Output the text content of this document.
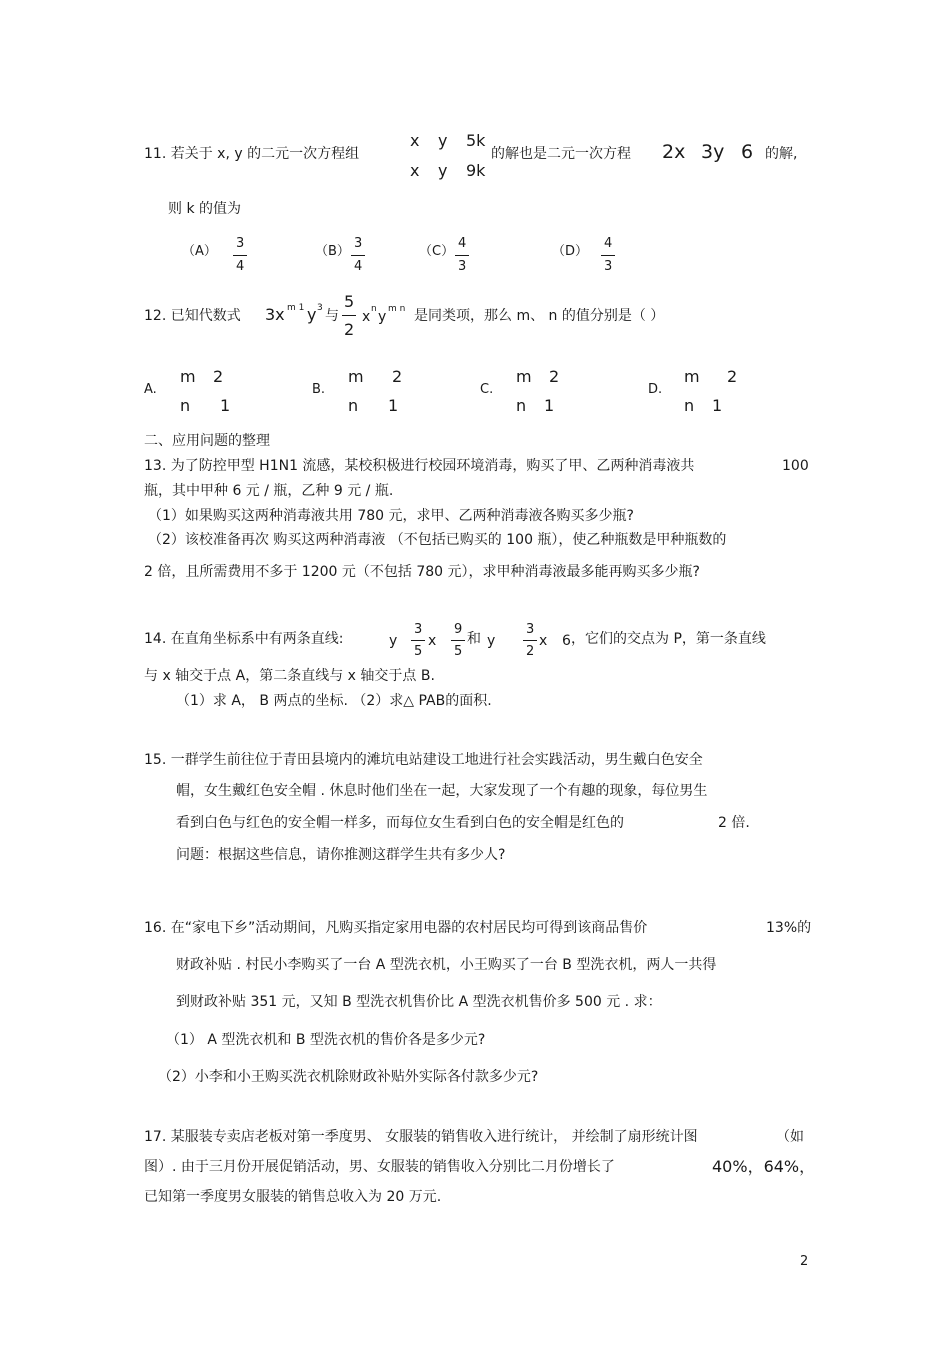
11. 若关于 x, y 的二元一次方程组
x y 5k
x y 9k
的解也是二元一次方程 2x 3y 6 的解,
则 k 的值为
（A）
3
4
（B）
3
4
（C）
4
3
（D）
4
3
12. 已知代数式 3x m 1 y 3 与
5
2
x n y m n 是同类项，那么 m、 n 的值分别是（ ）
A.
m 2
n 1
B.
m 2
n 1
C.
m 2
n 1
D.
m 2
n 1
二、应用问题的整理
13. 为了防控甲型 H1N1 流感，某校积极进行校园环境消毒，购买了甲、乙两种消毒液共	100
瓶，其中甲种 6 元 / 瓶，乙种 9 元 / 瓶.
（1）如果购买这两种消毒液共用 780 元，求甲、乙两种消毒液各购买多少瓶?
（2）该校准备再次 购买这两种消毒液 （不包括已购买的 100 瓶），使乙种瓶数是甲种瓶数的
2 倍，且所需费用不多于 1200 元（不包括 780 元），求甲种消毒液最多能再购买多少瓶?
14. 在直角坐标系中有两条直线:	y
3
5
x
9
5
和 y
3
2
x 6 ，它们的交点为 P，第一条直线
与 x 轴交于点 A，第二条直线与 x 轴交于点 B.
（1）求 A， B 两点的坐标. （2）求△ PAB的面积.
15. 一群学生前往位于青田县境内的滩坑电站建设工地进行社会实践活动，男生戴白色安全
帽，女生戴红色安全帽 . 休息时他们坐在一起，大家发现了一个有趣的现象，每位男生
看到白色与红色的安全帽一样多，而每位女生看到白色的安全帽是红色的	2 倍.
问题：根据这些信息，请你推测这群学生共有多少人?
16. 在“家电下乡”活动期间，凡购买指定家用电器的农村居民均可得到该商品售价	13%的
财政补贴 . 村民小李购买了一台 A 型洗衣机，小王购买了一台 B 型洗衣机，两人一共得
到财政补贴 351 元，又知 B 型洗衣机售价比 A 型洗衣机售价多 500 元 . 求：
（1） A 型洗衣机和 B 型洗衣机的售价各是多少元?
（2）小李和小王购买洗衣机除财政补贴外实际各付款多少元?
17. 某服装专卖店老板对第一季度男、 女服装的销售收入进行统计， 并绘制了扇形统计图	（如
图）. 由于三月份开展促销活动，男、女服装的销售收入分别比二月份增长了	40%，64%，
已知第一季度男女服装的销售总收入为 20 万元.
2
